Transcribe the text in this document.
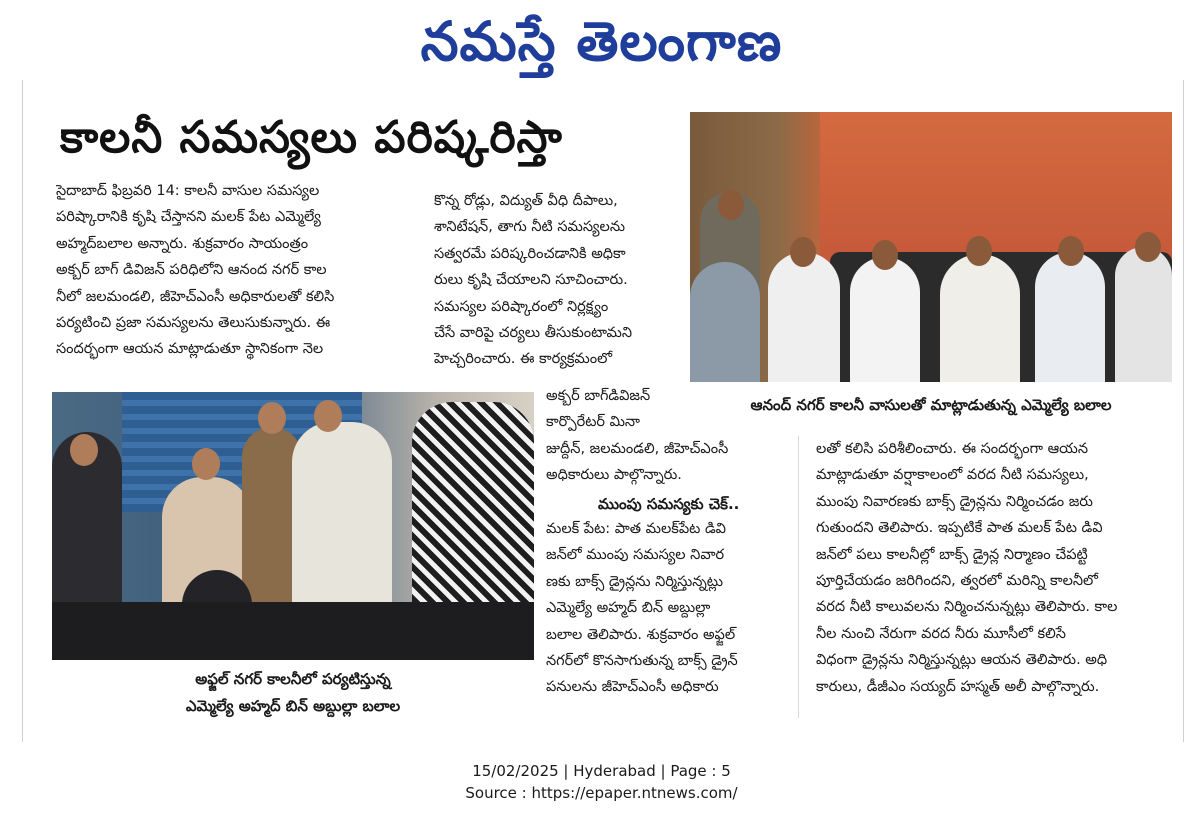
నమస్తే తెలంగాణ
కాలనీ సమస్యలు పరిష్కరిస్తా

సైదాబాద్ ఫిబ్రవరి 14: కాలనీ వాసుల సమస్యల

పరిష్కారానికి కృషి చేస్తానని మలక్ పేట ఎమ్మెల్యే

అహ్మద్‌బలాల అన్నారు. శుక్రవారం సాయంత్రం

అక్బర్ బాగ్ డివిజన్ పరిధిలోని ఆనంద నగర్ కాల

నీలో జలమండలి, జీహెచ్ఎంసీ అధికారులతో కలిసి

పర్యటించి ప్రజా సమస్యలను తెలుసుకున్నారు. ఈ

సందర్భంగా ఆయన మాట్లాడుతూ స్థానికంగా నెల

కొన్న రోడ్లు, విద్యుత్ వీధి దీపాలు,

శానిటేషన్, తాగు నీటి సమస్యలను

సత్వరమే పరిష్కరించడానికి అధికా

రులు కృషి చేయాలని సూచించారు.

సమస్యల పరిష్కారంలో నిర్లక్ష్యం

చేసే వారిపై చర్యలు తీసుకుంటామని

హెచ్చరించారు. ఈ కార్యక్రమంలో

అక్బర్ బాగ్‌డివిజన్

కార్పొరేటర్ మినా

జుద్దీన్, జలమండలి, జీహెచ్ఎంసీ

అధికారులు పాల్గొన్నారు.

ముంపు సమస్యకు చెక్..

మలక్ పేట: పాత మలక్‌పేట డివి

జన్‌లో ముంపు సమస్యల నివార

ణకు బాక్స్ డ్రైన్లను నిర్మిస్తున్నట్లు

ఎమ్మెల్యే అహ్మద్ బిన్ అబ్దుల్లా

బలాల తెలిపారు. శుక్రవారం అఫ్జల్

నగర్‌లో కొనసాగుతున్న బాక్స్ డ్రైన్

పనులను జీహెచ్ఎంసీ అధికారు

లతో కలిసి పరిశీలించారు. ఈ సందర్భంగా ఆయన

మాట్లాడుతూ వర్షాకాలంలో వరద నీటి సమస్యలు,

ముంపు నివారణకు బాక్స్ డ్రైన్లను నిర్మించడం జరు

గుతుందని తెలిపారు. ఇప్పటికే పాత మలక్ పేట డివి

జన్‌లో పలు కాలనీల్లో బాక్స్ డ్రైన్ల నిర్మాణం చేపట్టి

పూర్తిచేయడం జరిగిందని, త్వరలో మరిన్ని కాలనీలో

వరద నీటి కాలువలను నిర్మించనున్నట్లు తెలిపారు. కాల

నీల నుంచి నేరుగా వరద నీరు మూసీలో కలిసే

విధంగా డ్రైన్లను నిర్మిస్తున్నట్లు ఆయన తెలిపారు. అధి

కారులు, డీజీఎం సయ్యద్ హస్మత్ అలీ పాల్గొన్నారు.

ఆనంద్ నగర్ కాలనీ వాసులతో మాట్లాడుతున్న ఎమ్మెల్యే బలాల
అఫ్జల్ నగర్ కాలనీలో పర్యటిస్తున్న
ఎమ్మెల్యే అహ్మద్ బిన్ అబ్దుల్లా బలాల
15/02/2025 | Hyderabad | Page : 5
Source : https://epaper.ntnews.com/
